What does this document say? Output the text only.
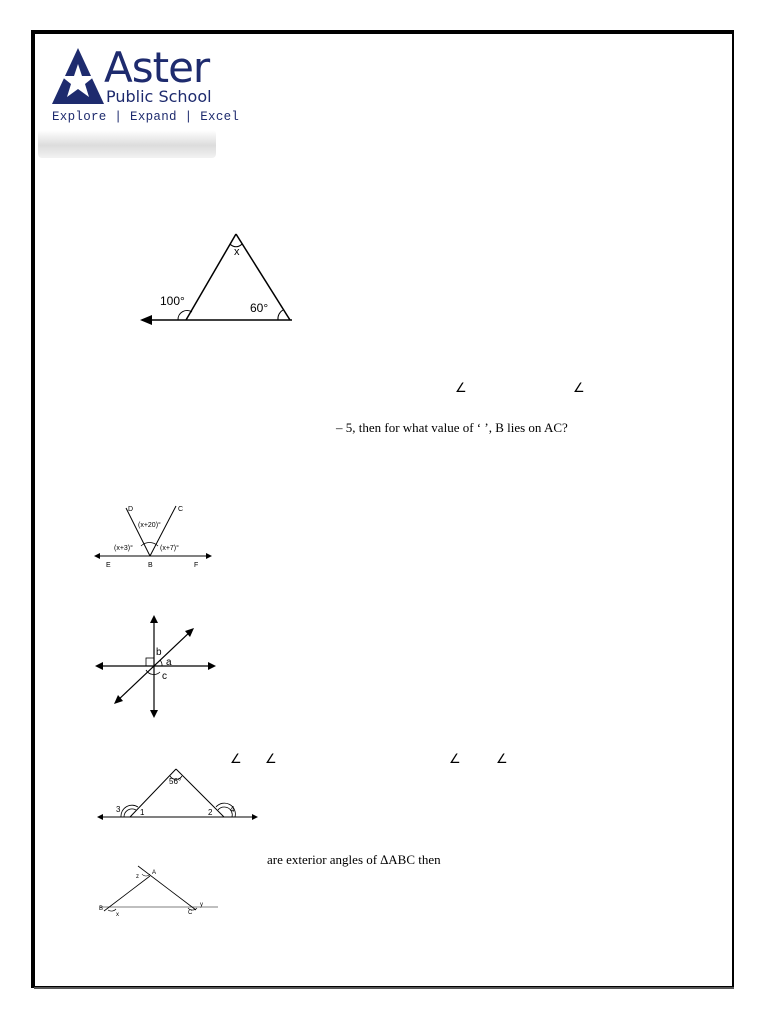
Aster
Public School
Explore | Expand | Excel
x
100°	60°
∠	∠
– 5, then for what value of ‘ ’, B lies on AC?
D	C
(x+20)°
(x+3)°	(x+7)°
E	B	F
b
a
c
∠ ∠	∠	∠
56°
1	2
3	4
are exterior angles of ∆ABC then
B
C
x
y
z
A
